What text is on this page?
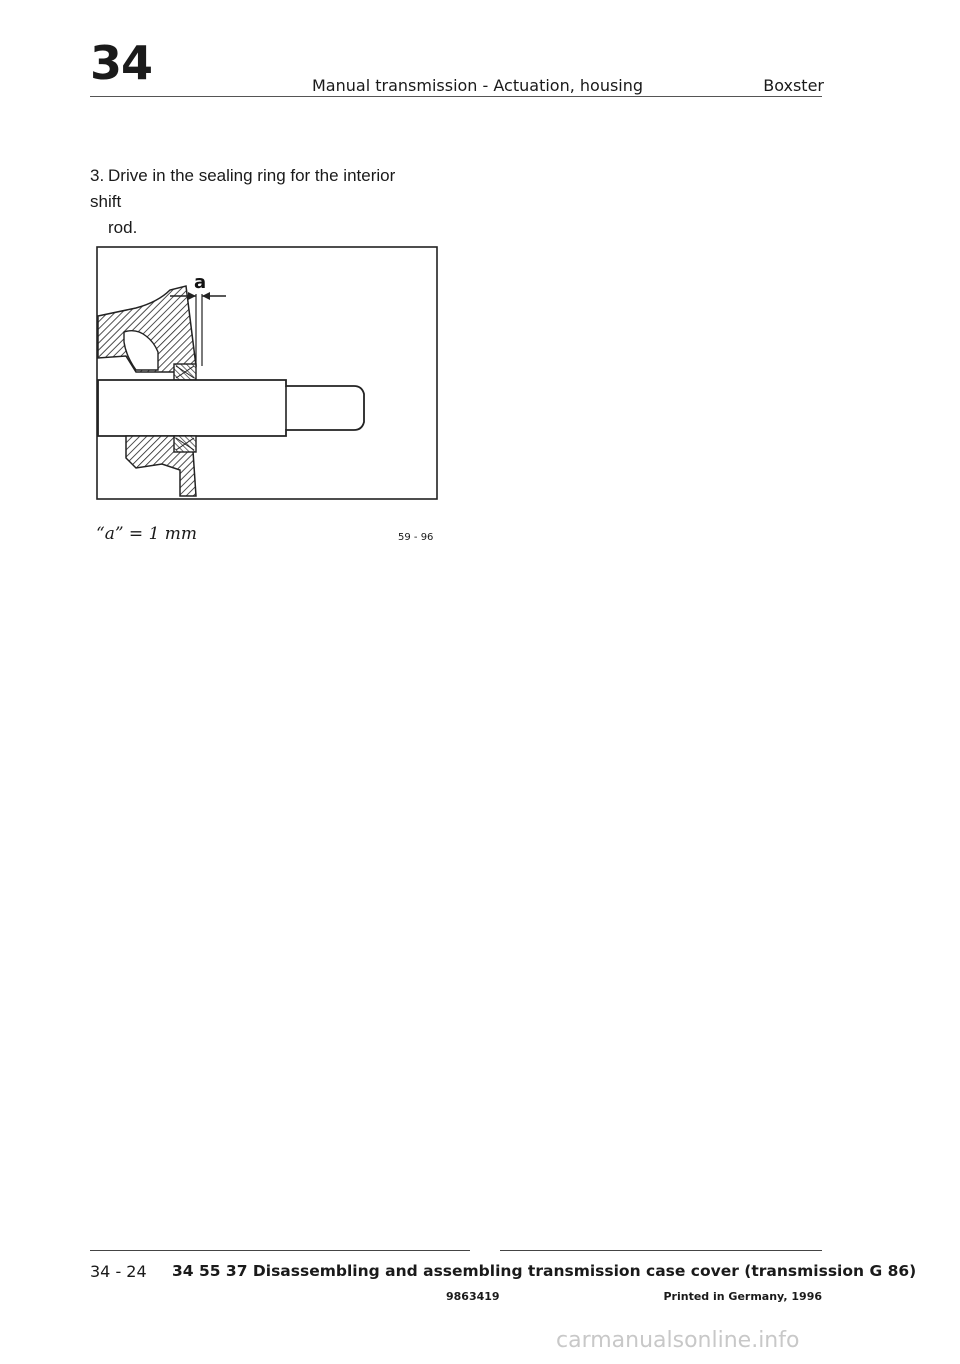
34	Manual transmission - Actuation, housing	Boxster
3. Drive in the sealing ring for the interior shift
rod.
a
“a” = 1 mm	59 - 96
34 - 24 34 55 37 Disassembling and assembling transmission case cover (transmission G 86)
9863419	Printed in Germany, 1996
carmanualsonline.info
